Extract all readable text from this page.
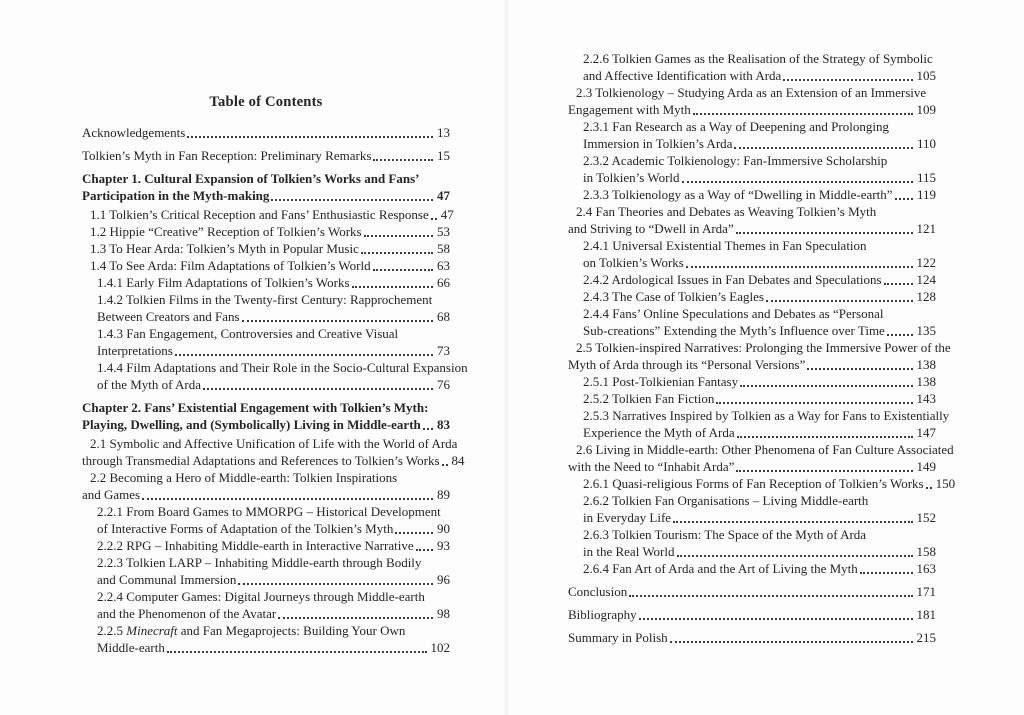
Table of Contents
Acknowledgements	13
Tolkien’s Myth in Fan Reception: Preliminary Remarks	15
Chapter 1. Cultural Expansion of Tolkien’s Works and Fans’
Participation in the Myth-making	47
1.1 Tolkien’s Critical Reception and Fans’ Enthusiastic Response 47
1.2 Hippie “Creative” Reception of Tolkien’s Works	53
1.3 To Hear Arda: Tolkien’s Myth in Popular Music	58
1.4 To See Arda: Film Adaptations of Tolkien’s World	63
1.4.1 Early Film Adaptations of Tolkien’s Works	66
1.4.2 Tolkien Films in the Twenty-first Century: Rapprochement
Between Creators and Fans	68
1.4.3 Fan Engagement, Controversies and Creative Visual
Interpretations	73
1.4.4 Film Adaptations and Their Role in the Socio-Cultural Expansion
of the Myth of Arda	76
Chapter 2. Fans’ Existential Engagement with Tolkien’s Myth:
Playing, Dwelling, and (Symbolically) Living in Middle-earth 83
2.1 Symbolic and Affective Unification of Life with the World of Arda
through Transmedial Adaptations and References to Tolkien’s Works 84
2.2 Becoming a Hero of Middle-earth: Tolkien Inspirations
and Games	89
2.2.1 From Board Games to MMORPG – Historical Development
of Interactive Forms of Adaptation of the Tolkien’s Myth	90
2.2.2 RPG – Inhabiting Middle-earth in Interactive Narrative 93
2.2.3 Tolkien LARP – Inhabiting Middle-earth through Bodily
and Communal Immersion	96
2.2.4 Computer Games: Digital Journeys through Middle-earth
and the Phenomenon of the Avatar	98
2.2.5 Minecraft and Fan Megaprojects: Building Your Own
Middle-earth	102
2.2.6 Tolkien Games as the Realisation of the Strategy of Symbolic
and Affective Identification with Arda	105
2.3 Tolkienology – Studying Arda as an Extension of an Immersive
Engagement with Myth	109
2.3.1 Fan Research as a Way of Deepening and Prolonging
Immersion in Tolkien’s Arda	110
2.3.2 Academic Tolkienology: Fan-Immersive Scholarship
in Tolkien’s World	115
2.3.3 Tolkienology as a Way of “Dwelling in Middle-earth” 119
2.4 Fan Theories and Debates as Weaving Tolkien’s Myth
and Striving to “Dwell in Arda”	121
2.4.1 Universal Existential Themes in Fan Speculation
on Tolkien’s Works	122
2.4.2 Ardological Issues in Fan Debates and Speculations	124
2.4.3 The Case of Tolkien’s Eagles	128
2.4.4 Fans’ Online Speculations and Debates as “Personal
Sub-creations” Extending the Myth’s Influence over Time 135
2.5 Tolkien-inspired Narratives: Prolonging the Immersive Power of the
Myth of Arda through its “Personal Versions”	138
2.5.1 Post-Tolkienian Fantasy	138
2.5.2 Tolkien Fan Fiction	143
2.5.3 Narratives Inspired by Tolkien as a Way for Fans to Existentially
Experience the Myth of Arda	147
2.6 Living in Middle-earth: Other Phenomena of Fan Culture Associated
with the Need to “Inhabit Arda”	149
2.6.1 Quasi-religious Forms of Fan Reception of Tolkien’s Works 150
2.6.2 Tolkien Fan Organisations – Living Middle-earth
in Everyday Life	152
2.6.3 Tolkien Tourism: The Space of the Myth of Arda
in the Real World	158
2.6.4 Fan Art of Arda and the Art of Living the Myth	163
Conclusion	171
Bibliography	181
Summary in Polish	215
